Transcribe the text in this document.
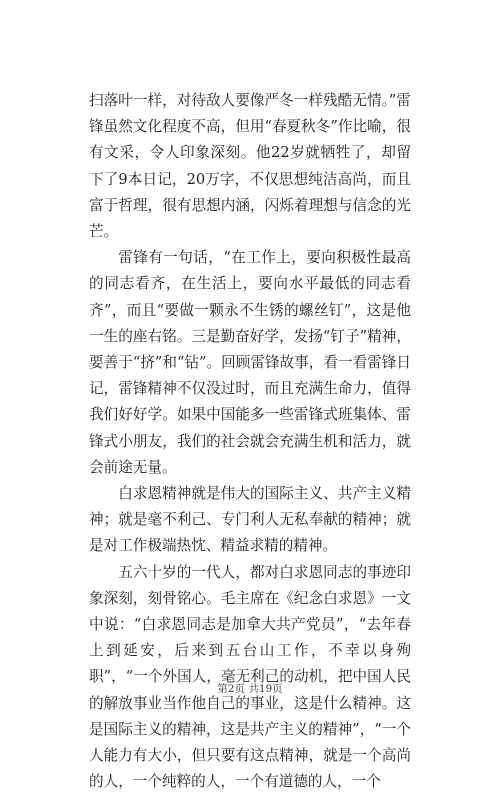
扫落叶一样，对待敌人要像严冬一样残酷无情。”雷锋虽然文化程度不高，但用“春夏秋冬”作比喻，很有文采，令人印象深刻。他22岁就牺牲了，却留下了9本日记，20万字，不仅思想纯洁高尚，而且富于哲理，很有思想内涵，闪烁着理想与信念的光芒。

雷锋有一句话，“在工作上，要向积极性最高的同志看齐，在生活上，要向水平最低的同志看齐”，而且“要做一颗永不生锈的螺丝钉”，这是他一生的座右铭。三是勤奋好学，发扬“钉子”精神，要善于“挤”和“钻”。回顾雷锋故事，看一看雷锋日记，雷锋精神不仅没过时，而且充满生命力，值得我们好好学。如果中国能多一些雷锋式班集体、雷锋式小朋友，我们的社会就会充满生机和活力，就会前途无量。

白求恩精神就是伟大的国际主义、共产主义精神；就是毫不利己、专门利人无私奉献的精神；就是对工作极端热忱、精益求精的精神。

五六十岁的一代人，都对白求恩同志的事迹印象深刻，刻骨铭心。毛主席在《纪念白求恩》一文中说：“白求恩同志是加拿大共产党员”，“去年春上到延安，后来到五台山工作，不幸以身殉职”，“一个外国人，毫无利己的动机，把中国人民的解放事业当作他自己的事业，这是什么精神。这是国际主义的精神，这是共产主义的精神”，“一个人能力有大小，但只要有这点精神，就是一个高尚的人，一个纯粹的人，一个有道德的人，一个

第2页 共19页
